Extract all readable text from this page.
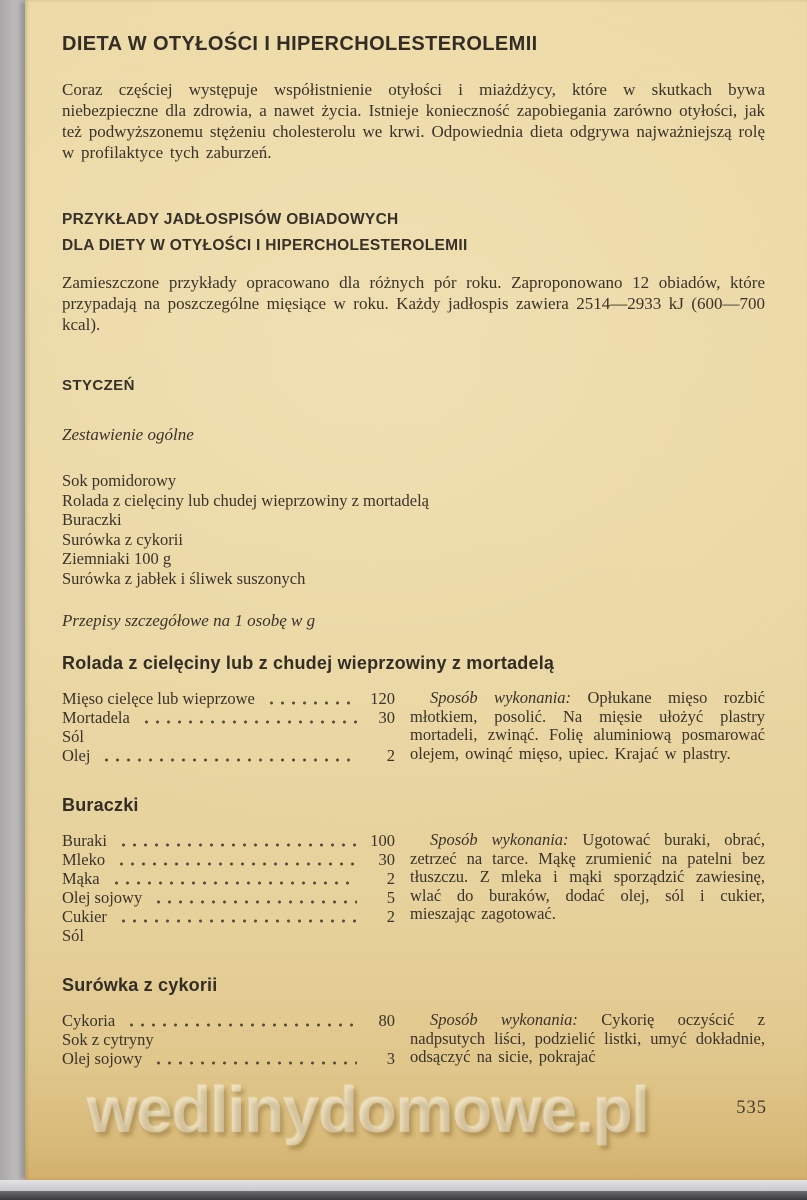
DIETA W OTYŁOŚCI I HIPERCHOLESTEROLEMII

Coraz częściej występuje współistnienie otyłości i miażdżycy, które w skutkach bywa niebezpieczne dla zdrowia, a nawet życia. Istnieje konieczność zapobiegania zarówno otyłości, jak też podwyższonemu stężeniu cholesterolu we krwi. Odpowiednia dieta odgrywa najważniejszą rolę w profilaktyce tych zaburzeń.

PRZYKŁADY JADŁOSPISÓW OBIADOWYCH
DLA DIETY W OTYŁOŚCI I HIPERCHOLESTEROLEMII

Zamieszczone przykłady opracowano dla różnych pór roku. Zaproponowano 12 obiadów, które przypadają na poszczególne mięsiące w roku. Każdy jadłospis zawiera 2514—2933 kJ (600—700 kcal).

STYCZEŃ

Zestawienie ogólne

Sok pomidorowy
Rolada z cielęciny lub chudej wieprzowiny z mortadelą
Buraczki
Surówka z cykorii
Ziemniaki 100 g
Surówka z jabłek i śliwek suszonych

Przepisy szczegółowe na 1 osobę w g

Rolada z cielęciny lub z chudej wieprzowiny z mortadelą
Mięso cielęce lub wieprzowe	120
Mortadela	30
Sól
Olej	2

Sposób wykonania: Opłukane mięso rozbić młotkiem, posolić. Na mięsie ułożyć plastry mortadeli, zwinąć. Folię aluminiową posmarować olejem, owinąć mięso, upiec. Krajać w plastry.

Buraczki
Buraki	100
Mleko	30
Mąka	2
Olej sojowy	5
Cukier	2
Sól

Sposób wykonania: Ugotować buraki, obrać, zetrzeć na tarce. Mąkę zrumienić na patelni bez tłuszczu. Z mleka i mąki sporządzić zawiesinę, wlać do buraków, dodać olej, sól i cukier, mieszając zagotować.

Surówka z cykorii
Cykoria	80
Sok z cytryny
Olej sojowy	3

Sposób wykonania: Cykorię oczyścić z nadpsutych liści, podzielić listki, umyć dokładnie, odsączyć na sicie, pokrajać

wedlinydomowe.pl	535
